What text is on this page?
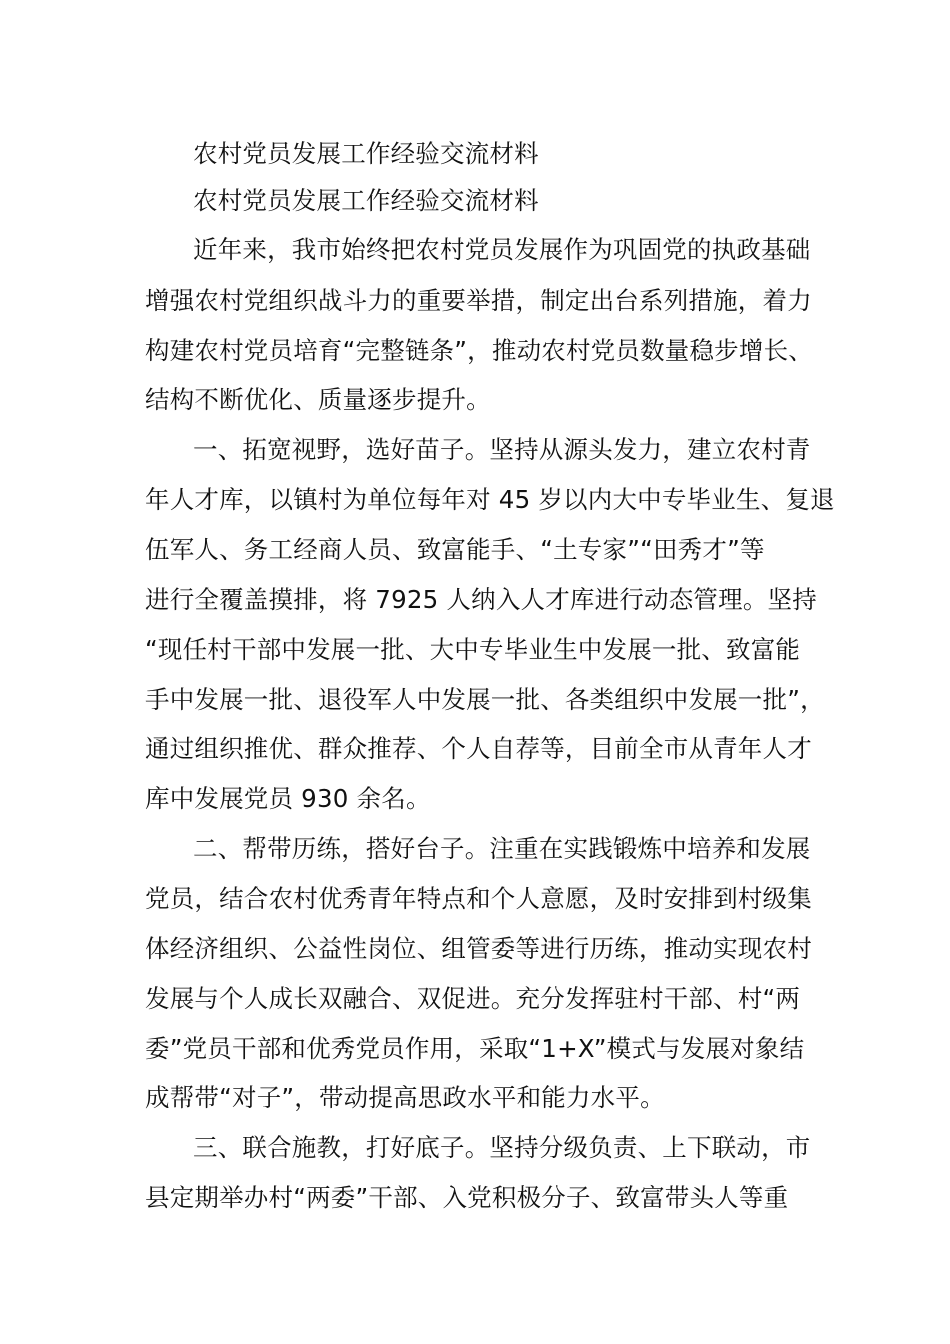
农村党员发展工作经验交流材料
农村党员发展工作经验交流材料
近年来，我市始终把农村党员发展作为巩固党的执政基础
增强农村党组织战斗力的重要举措，制定出台系列措施，着力
构建农村党员培育“完整链条”，推动农村党员数量稳步增长、
结构不断优化、质量逐步提升。
一、拓宽视野，选好苗子。坚持从源头发力，建立农村青
年人才库，以镇村为单位每年对 45 岁以内大中专毕业生、复退
伍军人、务工经商人员、致富能手、“土专家”“田秀才”等
进行全覆盖摸排，将 7925 人纳入人才库进行动态管理。坚持
“现任村干部中发展一批、大中专毕业生中发展一批、致富能
手中发展一批、退役军人中发展一批、各类组织中发展一批”，
通过组织推优、群众推荐、个人自荐等，目前全市从青年人才
库中发展党员 930 余名。
二、帮带历练，搭好台子。注重在实践锻炼中培养和发展
党员，结合农村优秀青年特点和个人意愿，及时安排到村级集
体经济组织、公益性岗位、组管委等进行历练，推动实现农村
发展与个人成长双融合、双促进。充分发挥驻村干部、村“两
委”党员干部和优秀党员作用，采取“1+X”模式与发展对象结
成帮带“对子”，带动提高思政水平和能力水平。
三、联合施教，打好底子。坚持分级负责、上下联动，市
县定期举办村“两委”干部、入党积极分子、致富带头人等重
